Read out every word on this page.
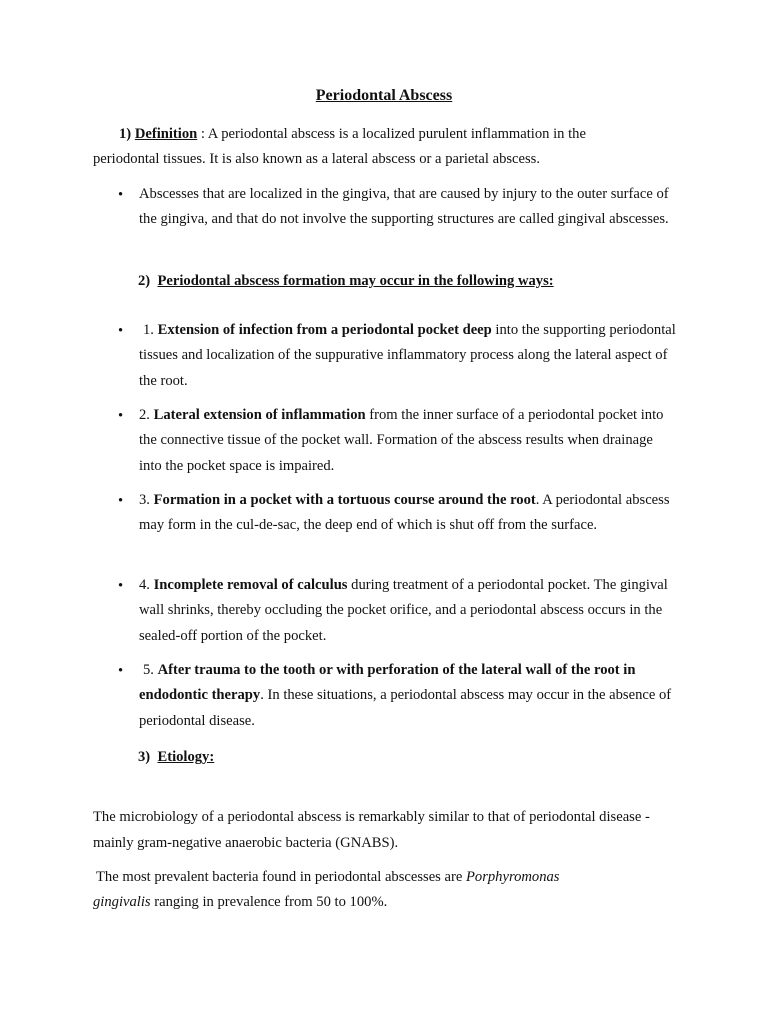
Periodontal Abscess
1) Definition : A periodontal abscess is a localized purulent inflammation in the
periodontal tissues. It is also known as a lateral abscess or a parietal abscess.
• Abscesses that are localized in the gingiva, that are caused by injury to the outer surface of the gingiva, and that do not involve the supporting structures are called gingival abscesses.
2) Periodontal abscess formation may occur in the following ways:
• 1. Extension of infection from a periodontal pocket deep into the supporting periodontal tissues and localization of the suppurative inflammatory process along the lateral aspect of the root.
• 2. Lateral extension of inflammation from the inner surface of a periodontal pocket into the connective tissue of the pocket wall. Formation of the abscess results when drainage into the pocket space is impaired.
• 3. Formation in a pocket with a tortuous course around the root. A periodontal abscess may form in the cul-de-sac, the deep end of which is shut off from the surface.
• 4. Incomplete removal of calculus during treatment of a periodontal pocket. The gingival wall shrinks, thereby occluding the pocket orifice, and a periodontal abscess occurs in the sealed-off portion of the pocket.
• 5. After trauma to the tooth or with perforation of the lateral wall of the root in endodontic therapy. In these situations, a periodontal abscess may occur in the absence of periodontal disease.
3) Etiology:
The microbiology of a periodontal abscess is remarkably similar to that of periodontal disease - mainly gram-negative anaerobic bacteria (GNABS).
The most prevalent bacteria found in periodontal abscesses are Porphyromonas
gingivalis ranging in prevalence from 50 to 100%.
